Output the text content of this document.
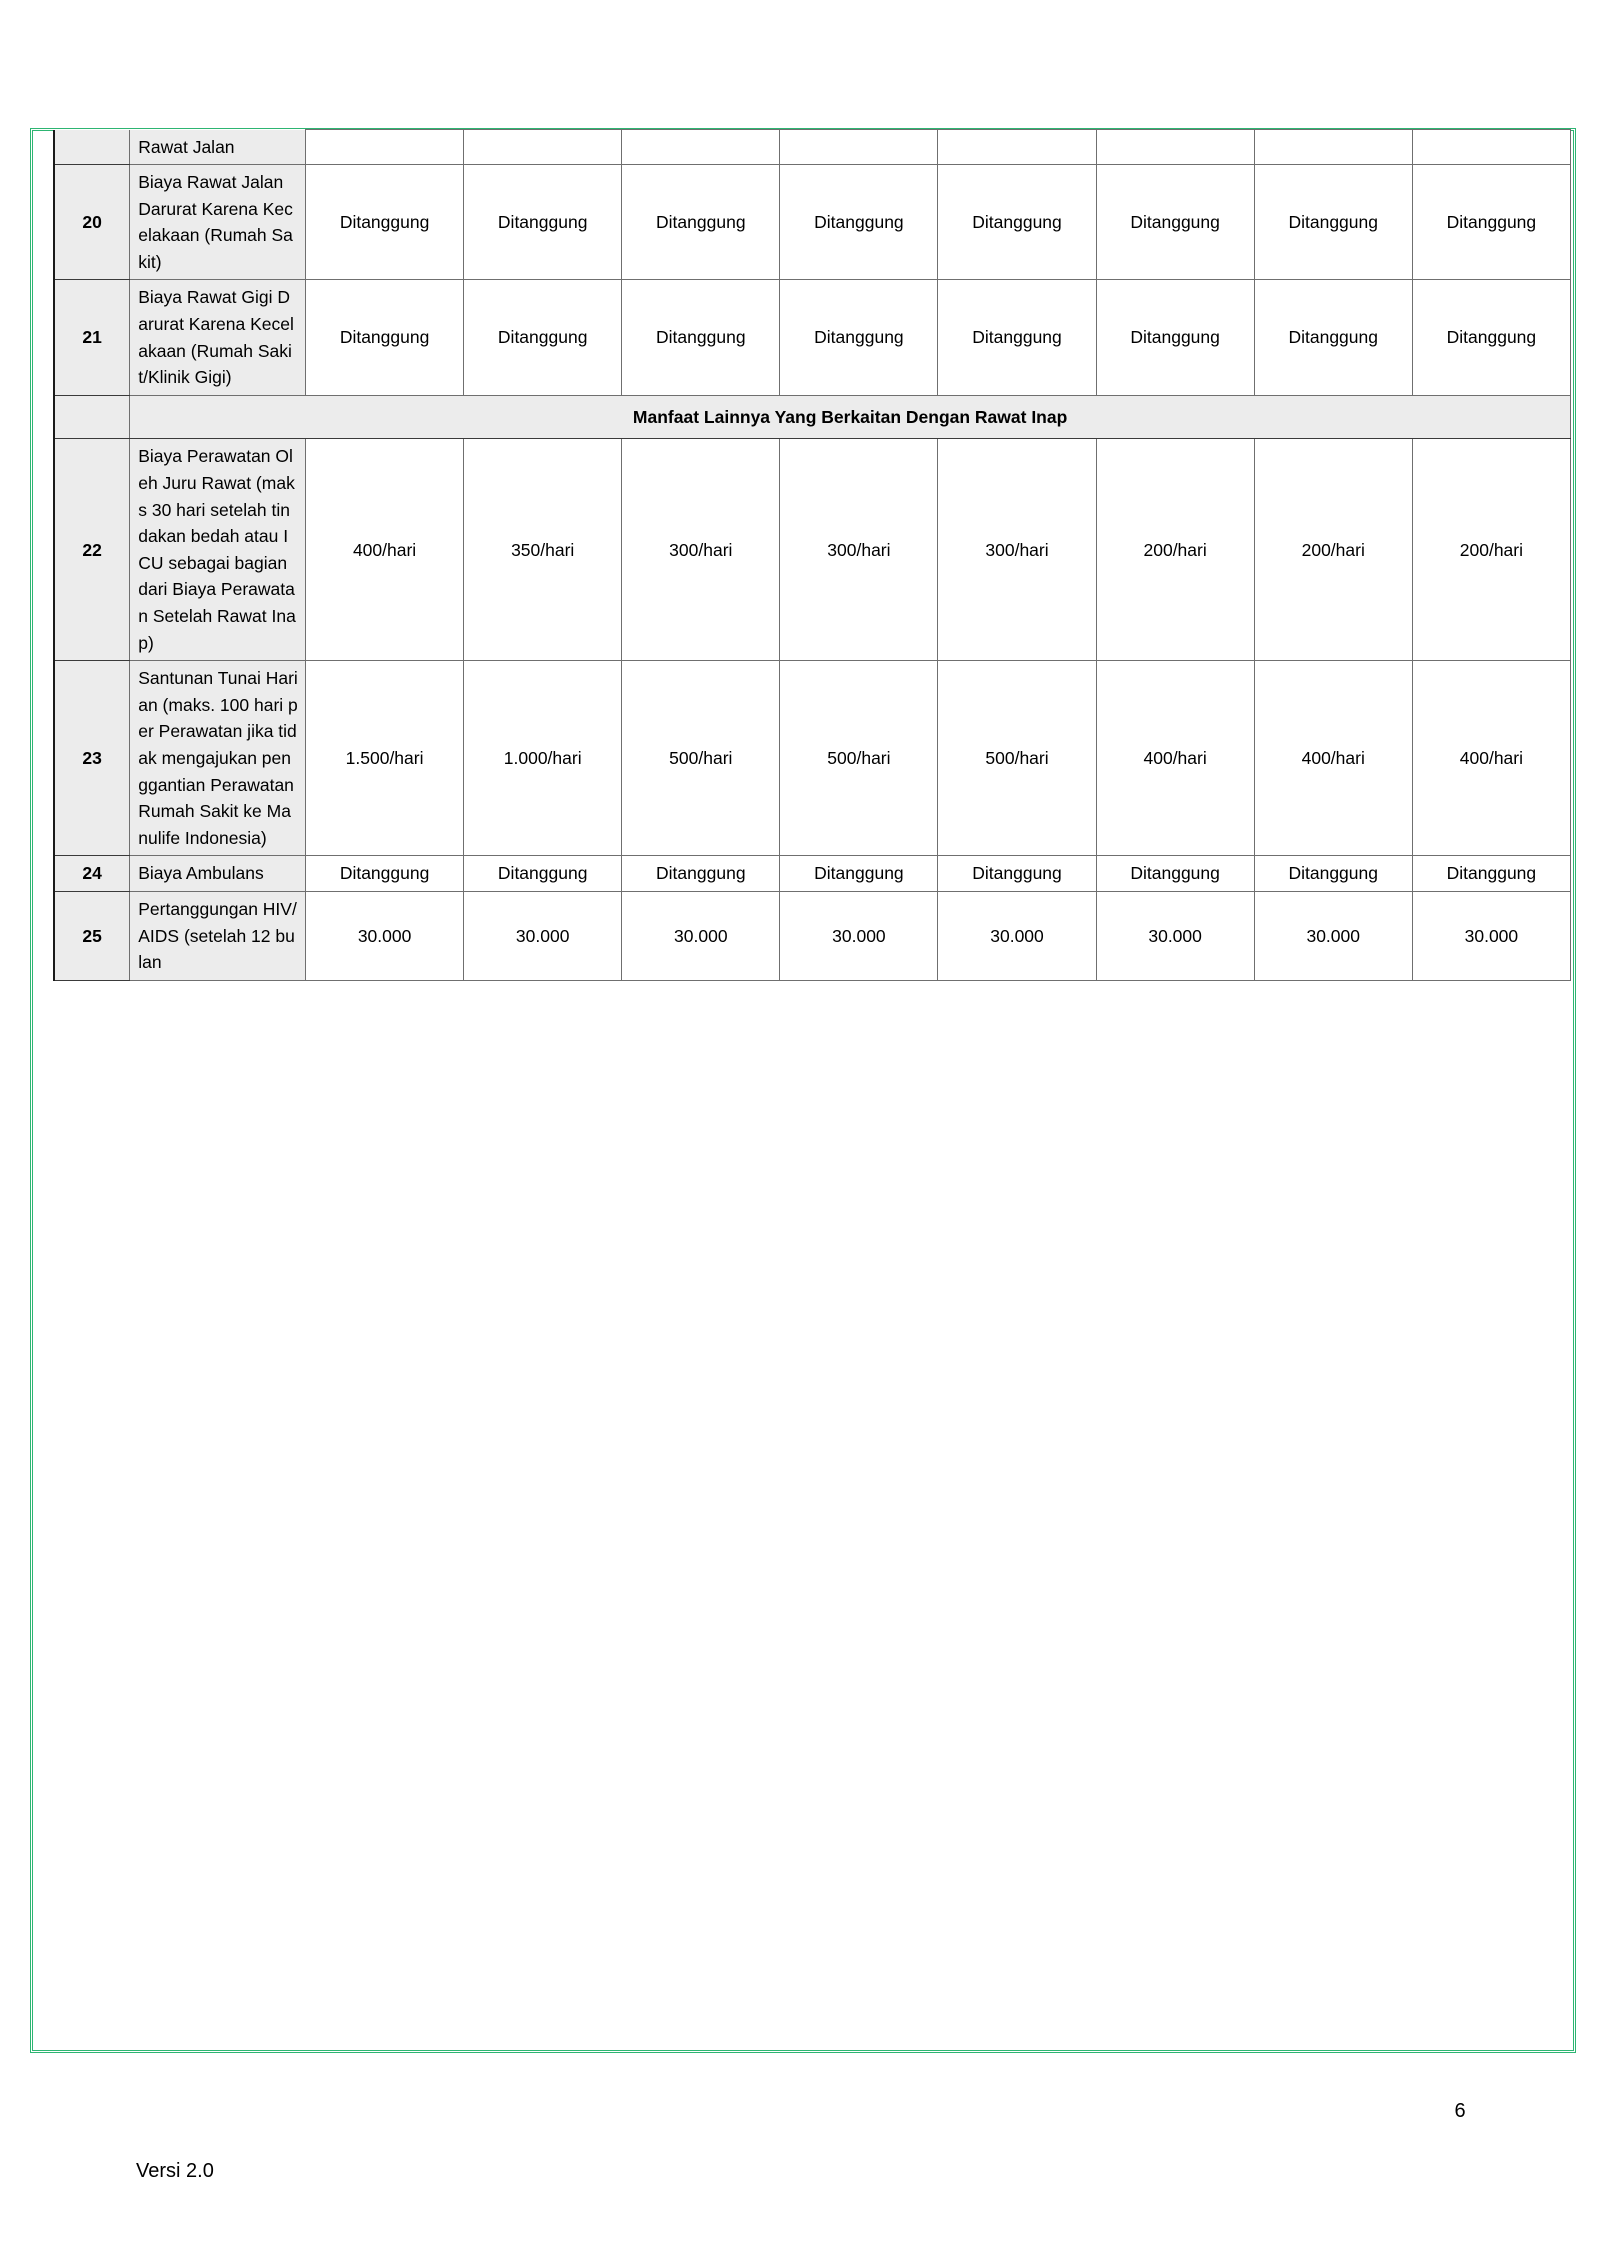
	Rawat Jalan								
20	Biaya Rawat Jalan Darurat Karena Kecelakaan (Rumah Sakit)	Ditanggung	Ditanggung	Ditanggung	Ditanggung	Ditanggung	Ditanggung	Ditanggung	Ditanggung
21	Biaya Rawat Gigi Darurat Karena Kecelakaan (Rumah Sakit/Klinik Gigi)	Ditanggung	Ditanggung	Ditanggung	Ditanggung	Ditanggung	Ditanggung	Ditanggung	Ditanggung
	Manfaat Lainnya Yang Berkaitan Dengan Rawat Inap								
22	Biaya Perawatan Oleh Juru Rawat (maks 30 hari setelah tindakan bedah atau ICU sebagai bagian dari Biaya Perawatan Setelah Rawat Inap)	400/hari	350/hari	300/hari	300/hari	300/hari	200/hari	200/hari	200/hari
23	Santunan Tunai Harian (maks. 100 hari per Perawatan jika tidak mengajukan penggantian Perawatan Rumah Sakit ke Manulife Indonesia)	1.500/hari	1.000/hari	500/hari	500/hari	500/hari	400/hari	400/hari	400/hari
24	Biaya Ambulans	Ditanggung	Ditanggung	Ditanggung	Ditanggung	Ditanggung	Ditanggung	Ditanggung	Ditanggung
25	Pertanggungan HIV/AIDS (setelah 12 bulan	30.000	30.000	30.000	30.000	30.000	30.000	30.000	30.000
Versi 2.0
6
